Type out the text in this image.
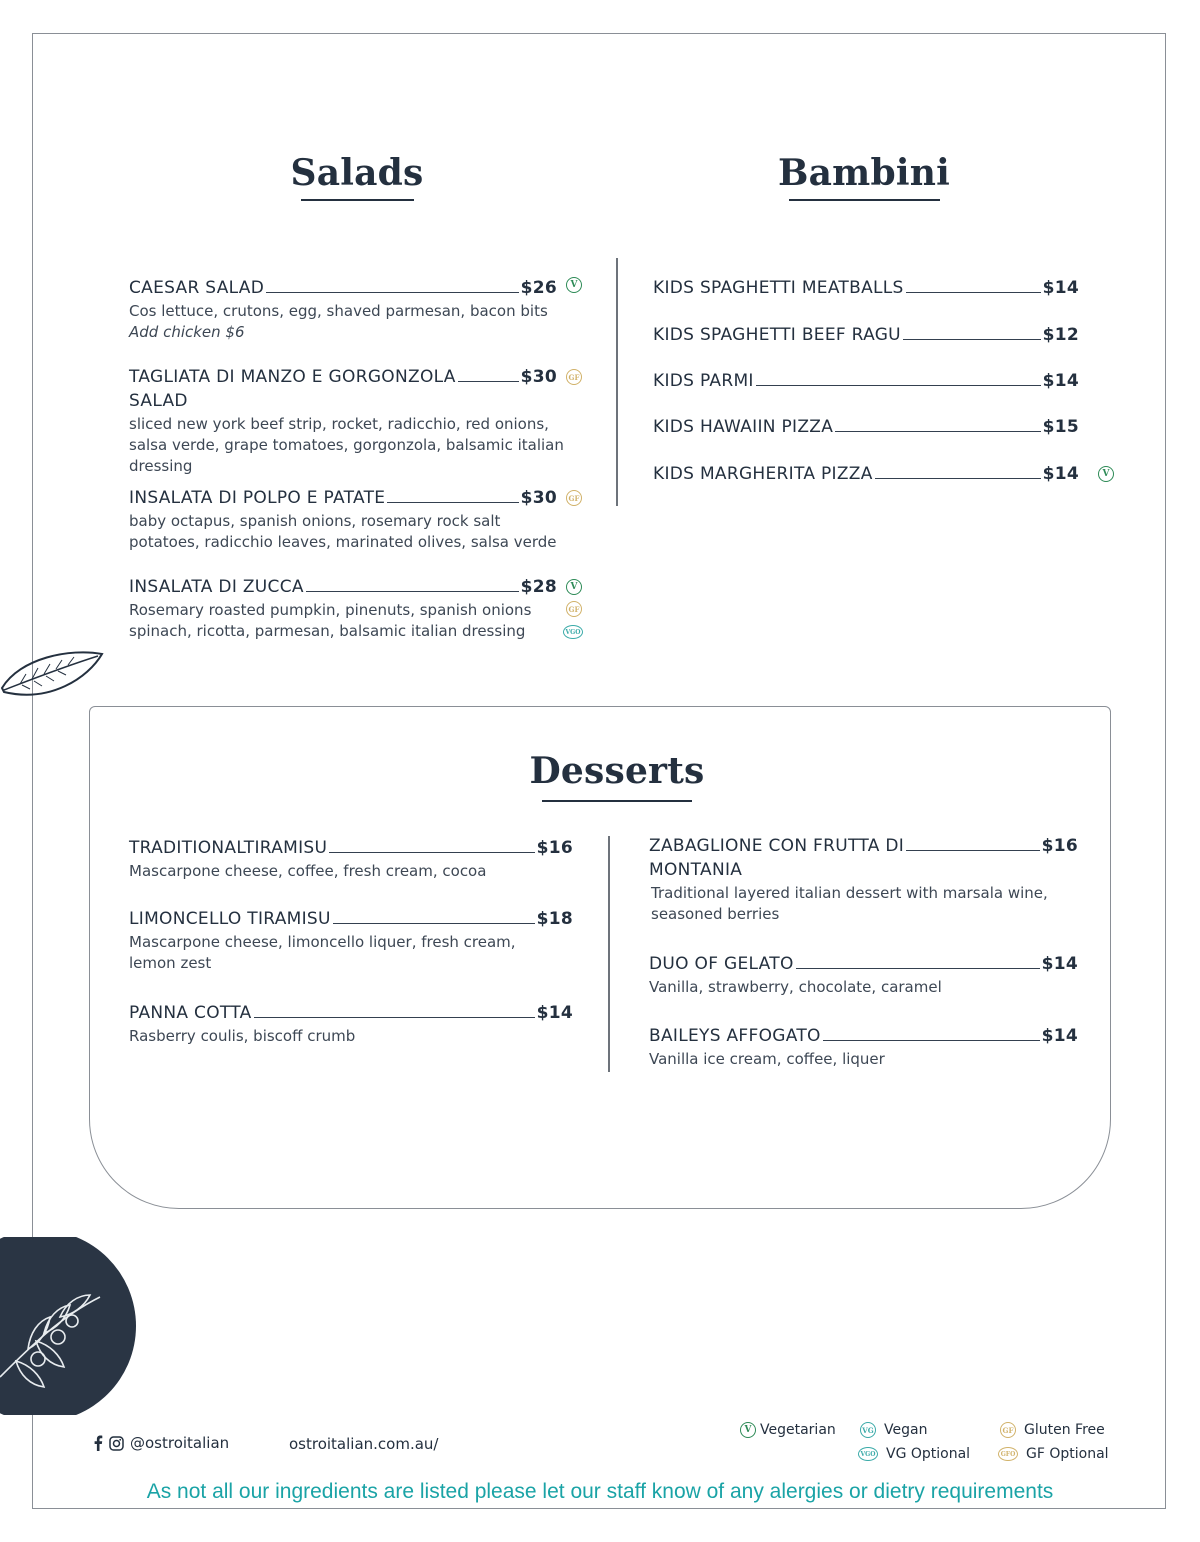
Salads
CAESAR SALAD	$26
Cos lettuce, crutons, egg, shaved parmesan, bacon bits
Add chicken $6
V
TAGLIATA DI MANZO E GORGONZOLA	$30
SALAD
sliced new york beef strip, rocket, radicchio, red onions, salsa verde, grape tomatoes, gorgonzola, balsamic italian dressing
GF
INSALATA DI POLPO E PATATE	$30
baby octapus, spanish onions, rosemary rock salt potatoes, radicchio leaves, marinated olives, salsa verde
GF
INSALATA DI ZUCCA	$28
Rosemary roasted pumpkin, pinenuts, spanish onions
spinach, ricotta, parmesan, balsamic italian dressing
V
GF
VGO
Bambini
KIDS SPAGHETTI MEATBALLS	$14
KIDS SPAGHETTI BEEF RAGU	$12
KIDS PARMI	$14
KIDS HAWAIIN PIZZA	$15
KIDS MARGHERITA PIZZA	$14	V
Desserts
TRADITIONALTIRAMISU	$16
Mascarpone cheese, coffee, fresh cream, cocoa
LIMONCELLO TIRAMISU	$18
Mascarpone cheese, limoncello liquer, fresh cream, lemon zest
PANNA COTTA	$14
Rasberry coulis, biscoff crumb
ZABAGLIONE CON FRUTTA DI	$16
MONTANIA
Traditional layered italian dessert with marsala wine, seasoned berries
DUO OF GELATO	$14
Vanilla, strawberry, chocolate, caramel
BAILEYS AFFOGATO	$14
Vanilla ice cream, coffee, liquer
@ostroitalian	ostroitalian.com.au/
V Vegetarian	VG Vegan	GF Gluten Free
VGO VG Optional	GFO GF Optional
As not all our ingredients are listed please let our staff know of any alergies or dietry requirements
